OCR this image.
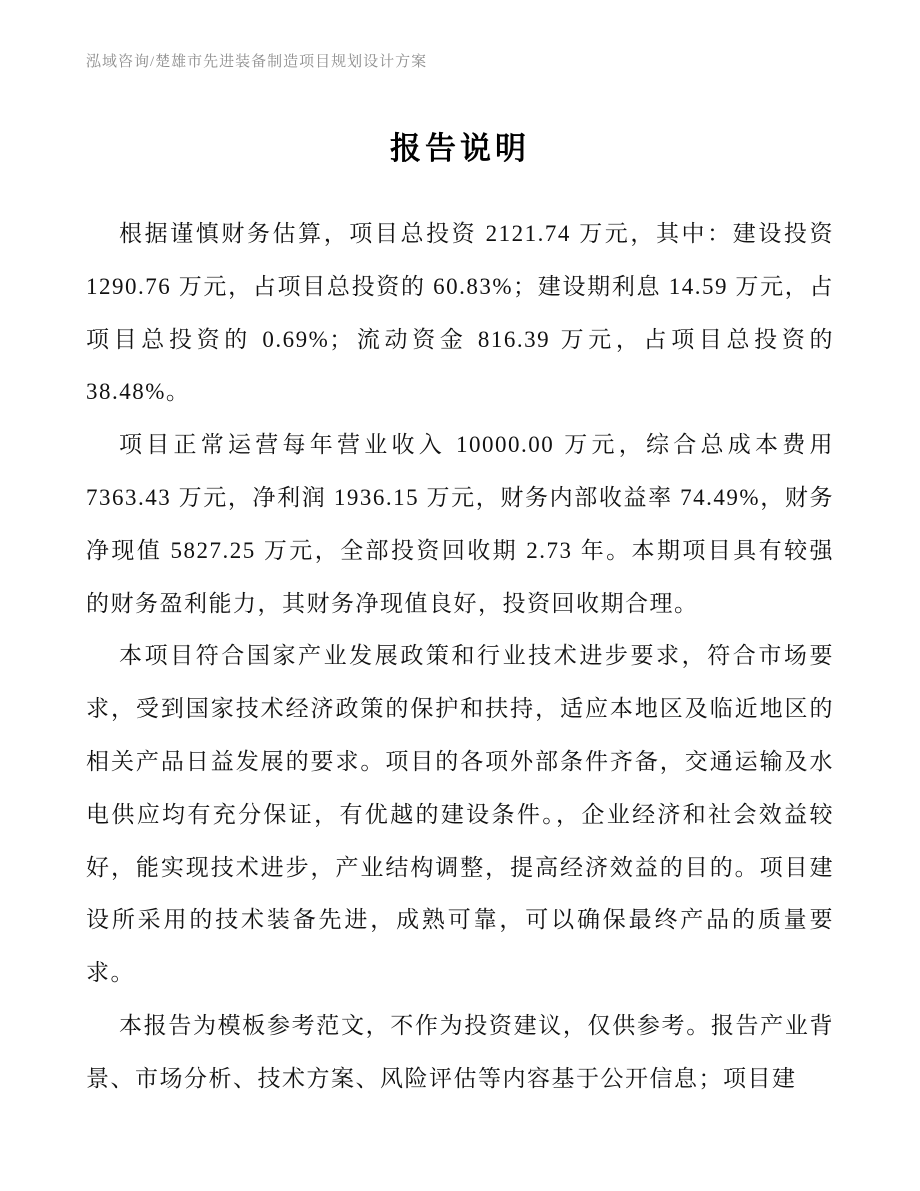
泓域咨询/楚雄市先进装备制造项目规划设计方案
报告说明

根据谨慎财务估算，项目总投资 2121.74 万元，其中：建设投资 1290.76 万元，占项目总投资的 60.83%；建设期利息 14.59 万元，占项目总投资的 0.69%；流动资金 816.39 万元，占项目总投资的 38.48%。

项目正常运营每年营业收入 10000.00 万元，综合总成本费用 7363.43 万元，净利润 1936.15 万元，财务内部收益率 74.49%，财务净现值 5827.25 万元，全部投资回收期 2.73 年。本期项目具有较强的财务盈利能力，其财务净现值良好，投资回收期合理。

本项目符合国家产业发展政策和行业技术进步要求，符合市场要求，受到国家技术经济政策的保护和扶持，适应本地区及临近地区的相关产品日益发展的要求。项目的各项外部条件齐备，交通运输及水电供应均有充分保证，有优越的建设条件。，企业经济和社会效益较好，能实现技术进步，产业结构调整，提高经济效益的目的。项目建设所采用的技术装备先进，成熟可靠，可以确保最终产品的质量要求。

本报告为模板参考范文，不作为投资建议，仅供参考。报告产业背景、市场分析、技术方案、风险评估等内容基于公开信息；项目建
